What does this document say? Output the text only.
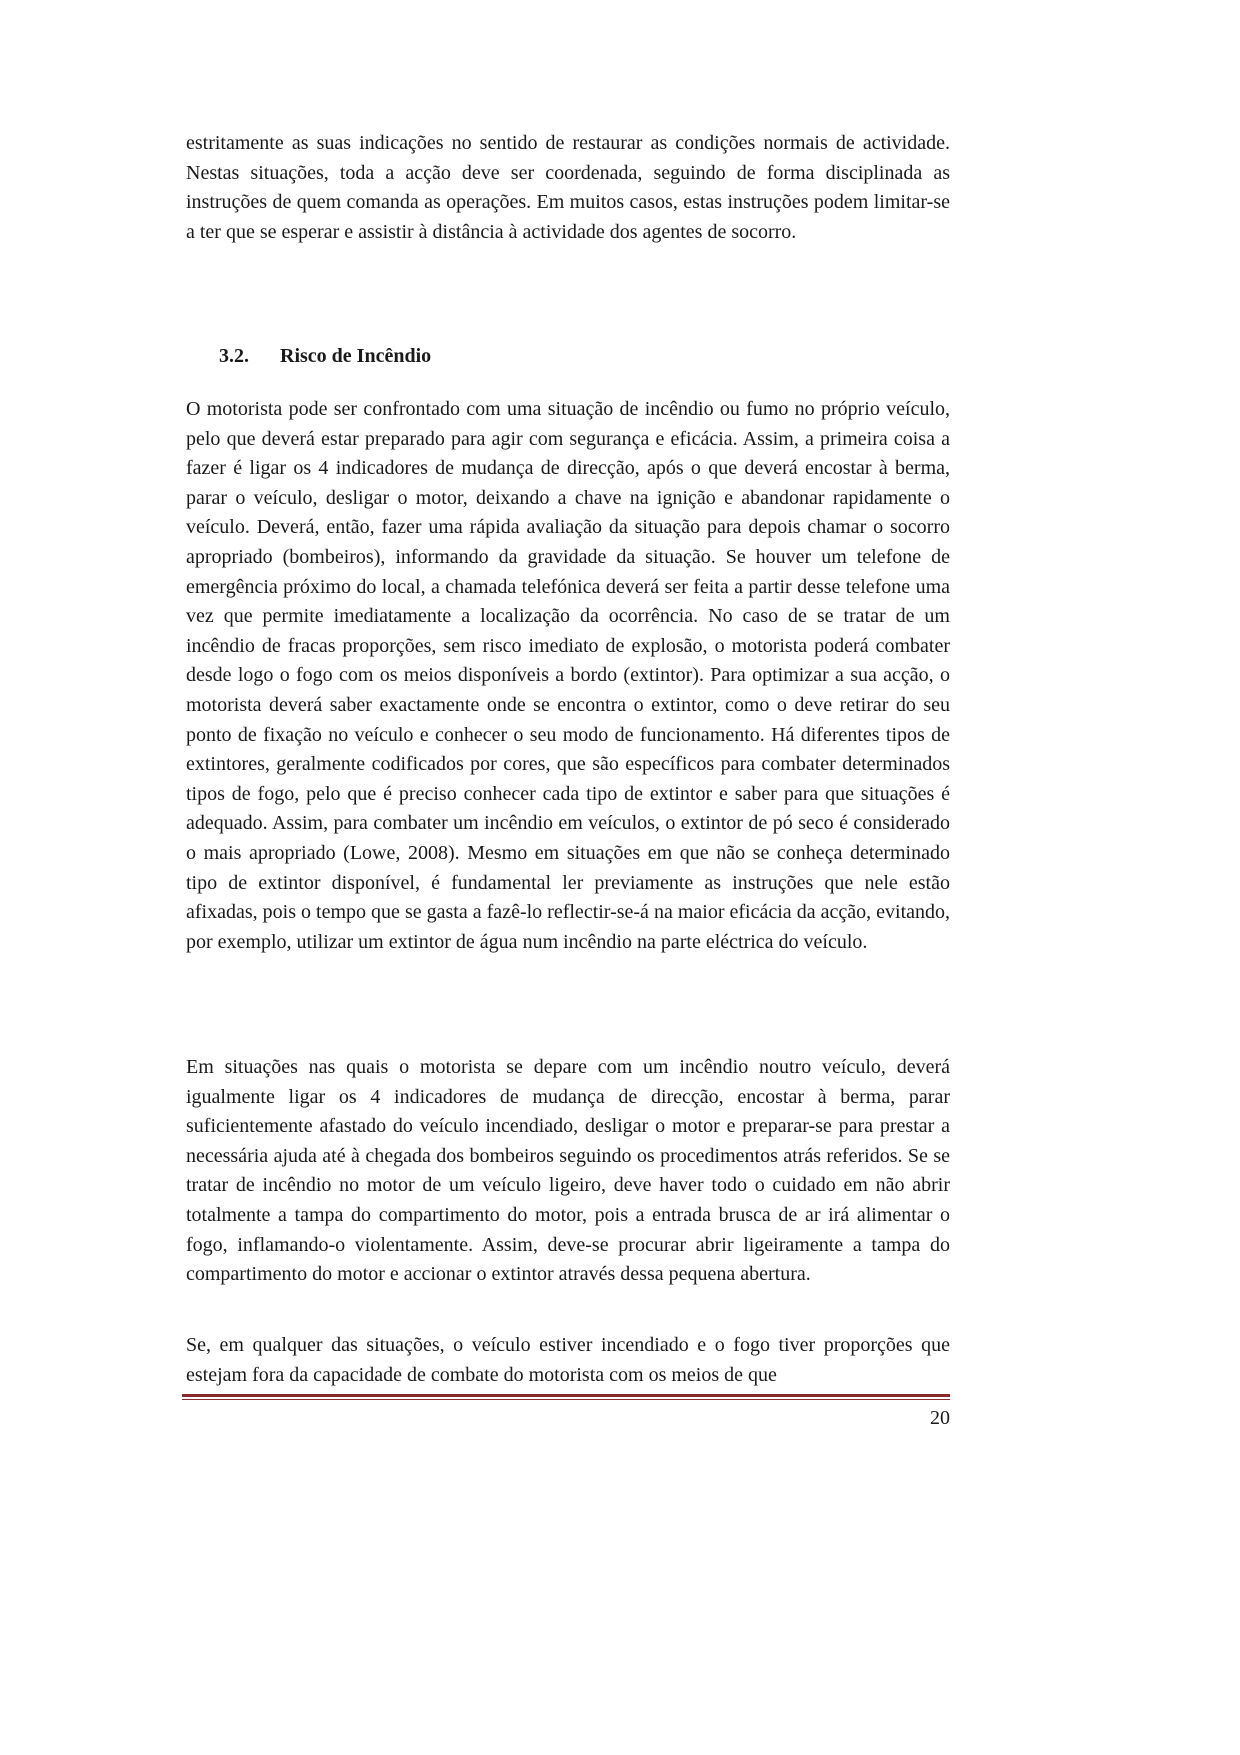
estritamente as suas indicações no sentido de restaurar as condições normais de actividade. Nestas situações, toda a acção deve ser coordenada, seguindo de forma disciplinada as instruções de quem comanda as operações. Em muitos casos, estas instruções podem limitar-se a ter que se esperar e assistir à distância à actividade dos agentes de socorro.

3.2. Risco de Incêndio

O motorista pode ser confrontado com uma situação de incêndio ou fumo no próprio veículo, pelo que deverá estar preparado para agir com segurança e eficácia. Assim, a primeira coisa a fazer é ligar os 4 indicadores de mudança de direcção, após o que deverá encostar à berma, parar o veículo, desligar o motor, deixando a chave na ignição e abandonar rapidamente o veículo. Deverá, então, fazer uma rápida avaliação da situação para depois chamar o socorro apropriado (bombeiros), informando da gravidade da situação. Se houver um telefone de emergência próximo do local, a chamada telefónica deverá ser feita a partir desse telefone uma vez que permite imediatamente a localização da ocorrência. No caso de se tratar de um incêndio de fracas proporções, sem risco imediato de explosão, o motorista poderá combater desde logo o fogo com os meios disponíveis a bordo (extintor). Para optimizar a sua acção, o motorista deverá saber exactamente onde se encontra o extintor, como o deve retirar do seu ponto de fixação no veículo e conhecer o seu modo de funcionamento. Há diferentes tipos de extintores, geralmente codificados por cores, que são específicos para combater determinados tipos de fogo, pelo que é preciso conhecer cada tipo de extintor e saber para que situações é adequado. Assim, para combater um incêndio em veículos, o extintor de pó seco é considerado o mais apropriado (Lowe, 2008). Mesmo em situações em que não se conheça determinado tipo de extintor disponível, é fundamental ler previamente as instruções que nele estão afixadas, pois o tempo que se gasta a fazê-lo reflectir-se-á na maior eficácia da acção, evitando, por exemplo, utilizar um extintor de água num incêndio na parte eléctrica do veículo.

Em situações nas quais o motorista se depare com um incêndio noutro veículo, deverá igualmente ligar os 4 indicadores de mudança de direcção, encostar à berma, parar suficientemente afastado do veículo incendiado, desligar o motor e preparar-se para prestar a necessária ajuda até à chegada dos bombeiros seguindo os procedimentos atrás referidos. Se se tratar de incêndio no motor de um veículo ligeiro, deve haver todo o cuidado em não abrir totalmente a tampa do compartimento do motor, pois a entrada brusca de ar irá alimentar o fogo, inflamando-o violentamente. Assim, deve-se procurar abrir ligeiramente a tampa do compartimento do motor e accionar o extintor através dessa pequena abertura.

Se, em qualquer das situações, o veículo estiver incendiado e o fogo tiver proporções que estejam fora da capacidade de combate do motorista com os meios de que

20
